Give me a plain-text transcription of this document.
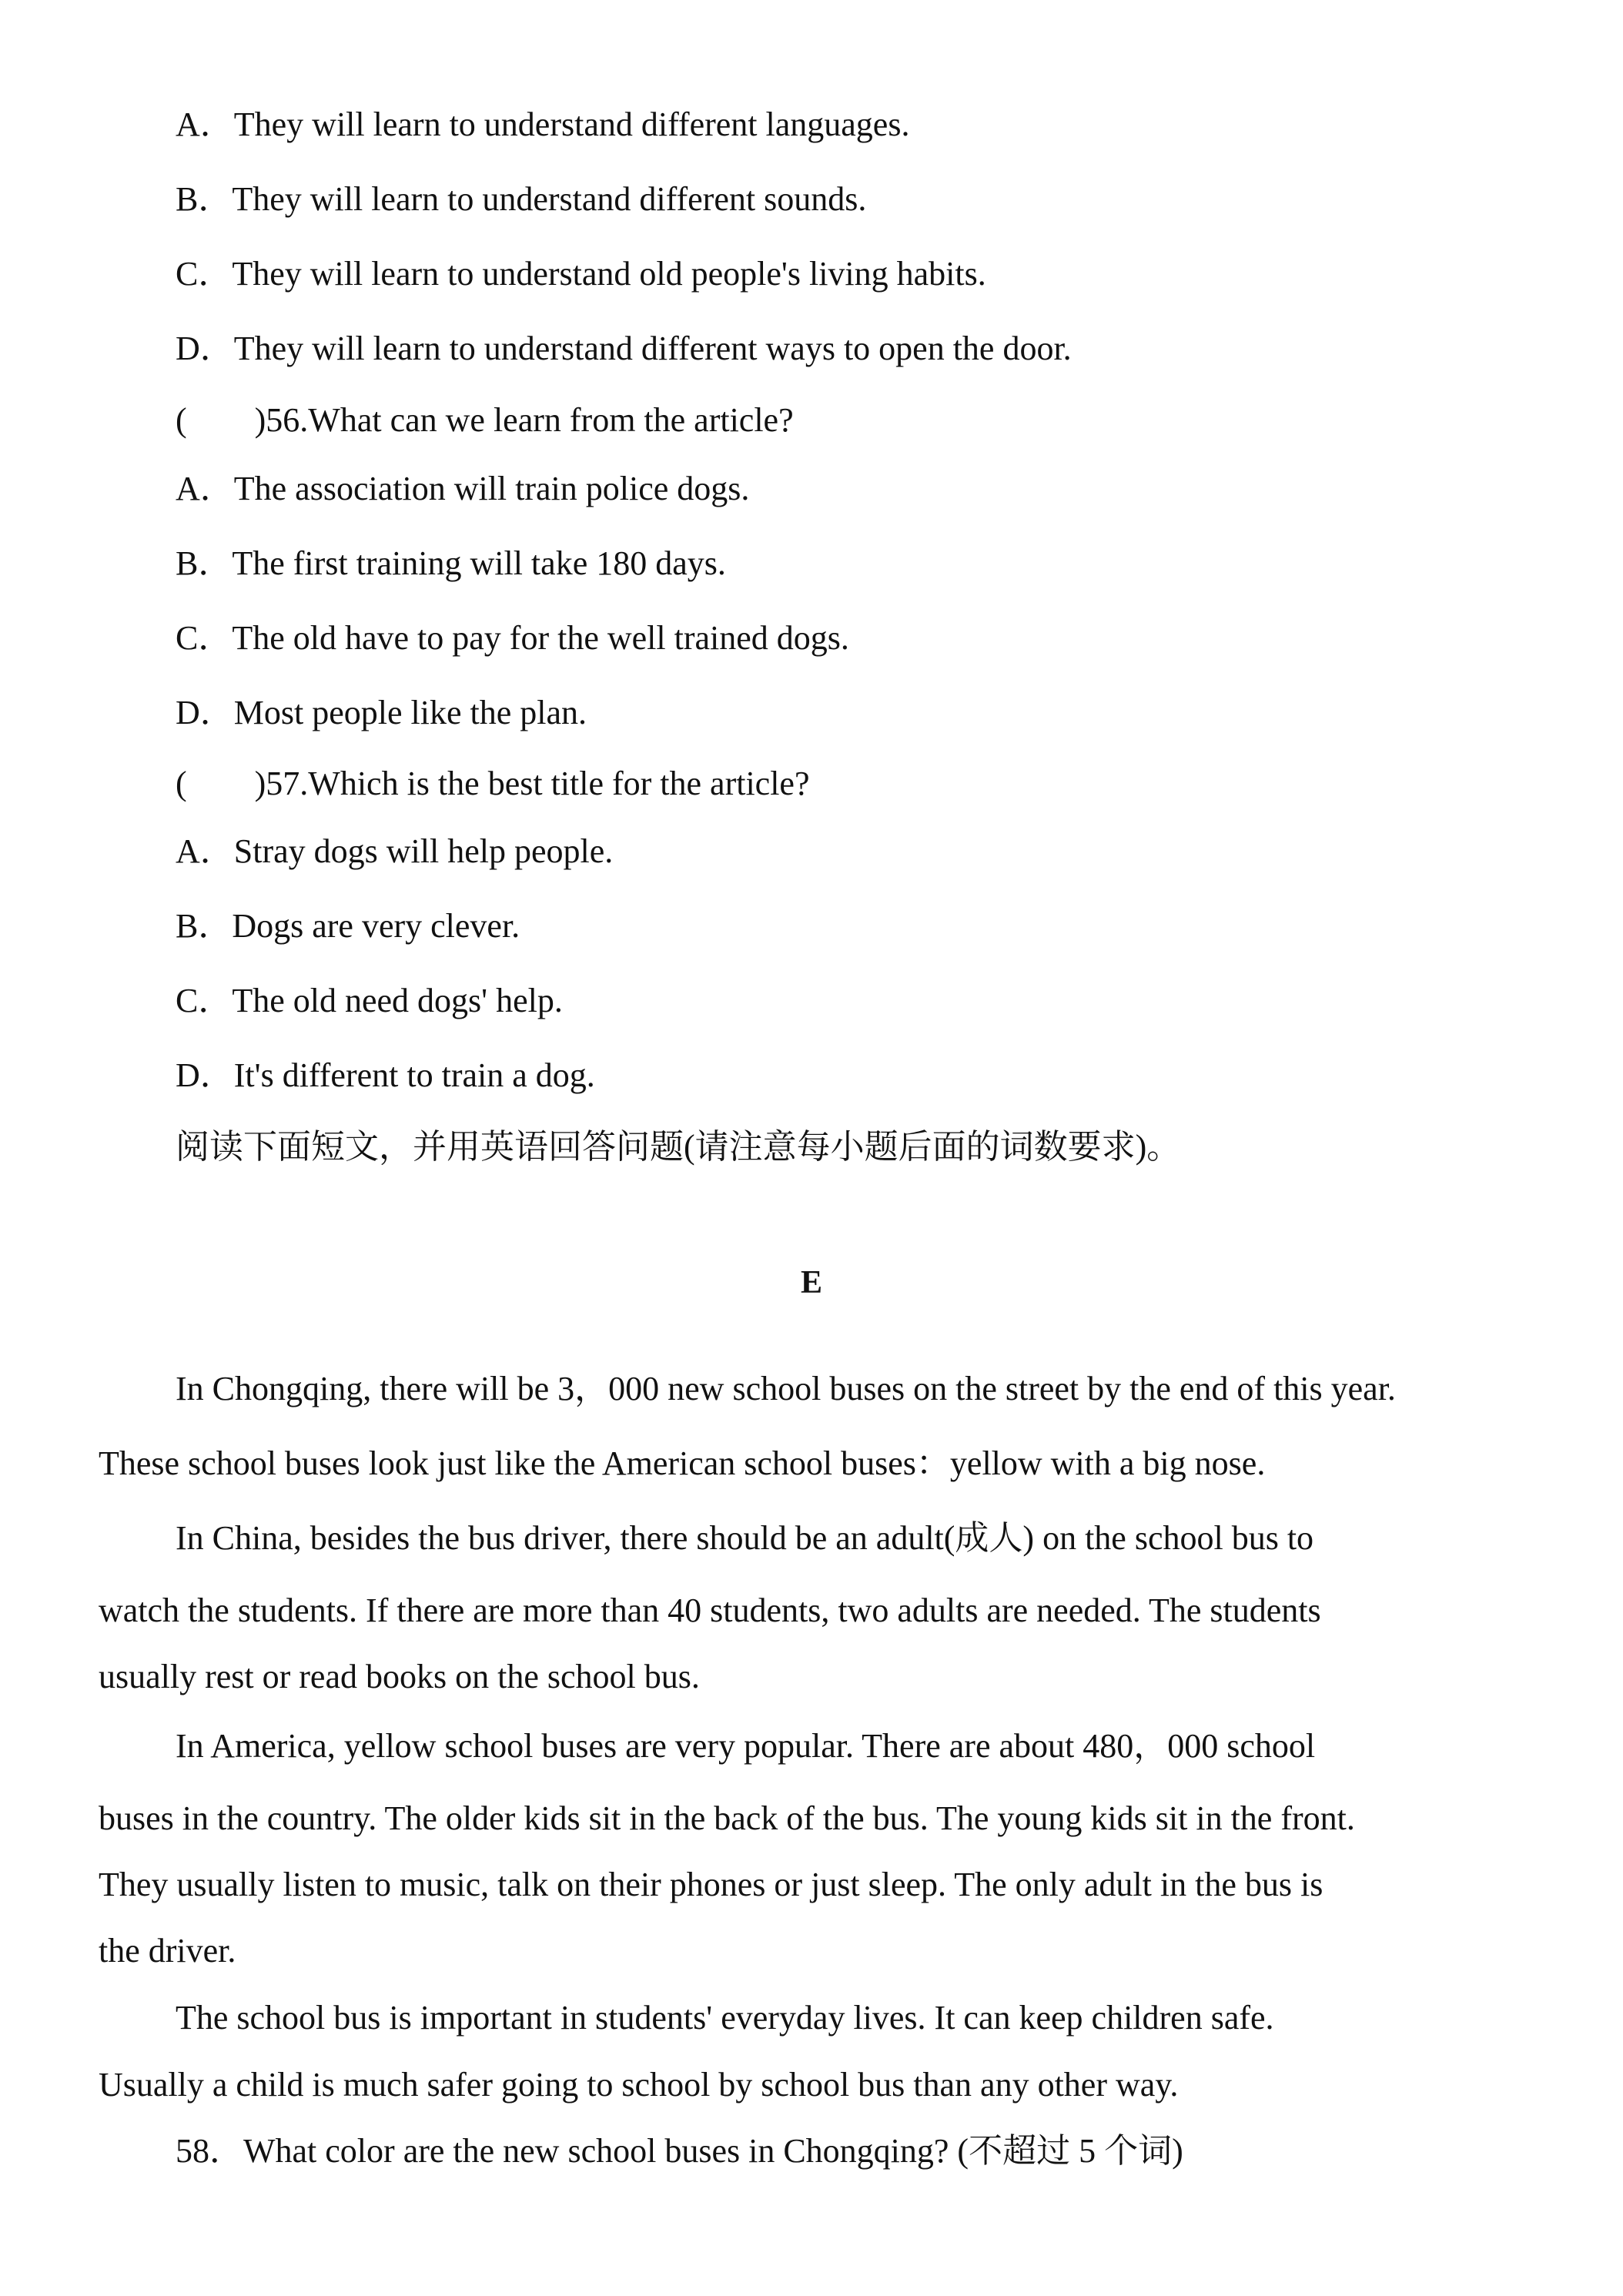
A．They will learn to understand different languages.
B．They will learn to understand different sounds.
C．They will learn to understand old people's living habits.
D．They will learn to understand different ways to open the door.
(　　)56.What can we learn from the article?
A．The association will train police dogs.
B．The first training will take 180 days.
C．The old have to pay for the well trained dogs.
D．Most people like the plan.
(　　)57.Which is the best title for the article?
A．Stray dogs will help people.
B．Dogs are very clever.
C．The old need dogs' help.
D．It's different to train a dog.
阅读下面短文，并用英语回答问题(请注意每小题后面的词数要求)。
E
In Chongqing, there will be 3，000 new school buses on the street by the end of this year.
These school buses look just like the American school buses：yellow with a big nose.
In China, besides the bus driver, there should be an adult(成人) on the school bus to
watch the students. If there are more than 40 students, two adults are needed. The students
usually rest or read books on the school bus.
In America, yellow school buses are very popular. There are about 480，000 school
buses in the country. The older kids sit in the back of the bus. The young kids sit in the front.
They usually listen to music, talk on their phones or just sleep. The only adult in the bus is
the driver.
The school bus is important in students' everyday lives. It can keep children safe.
Usually a child is much safer going to school by school bus than any other way.
58．What color are the new school buses in Chongqing? (不超过 5 个词)
